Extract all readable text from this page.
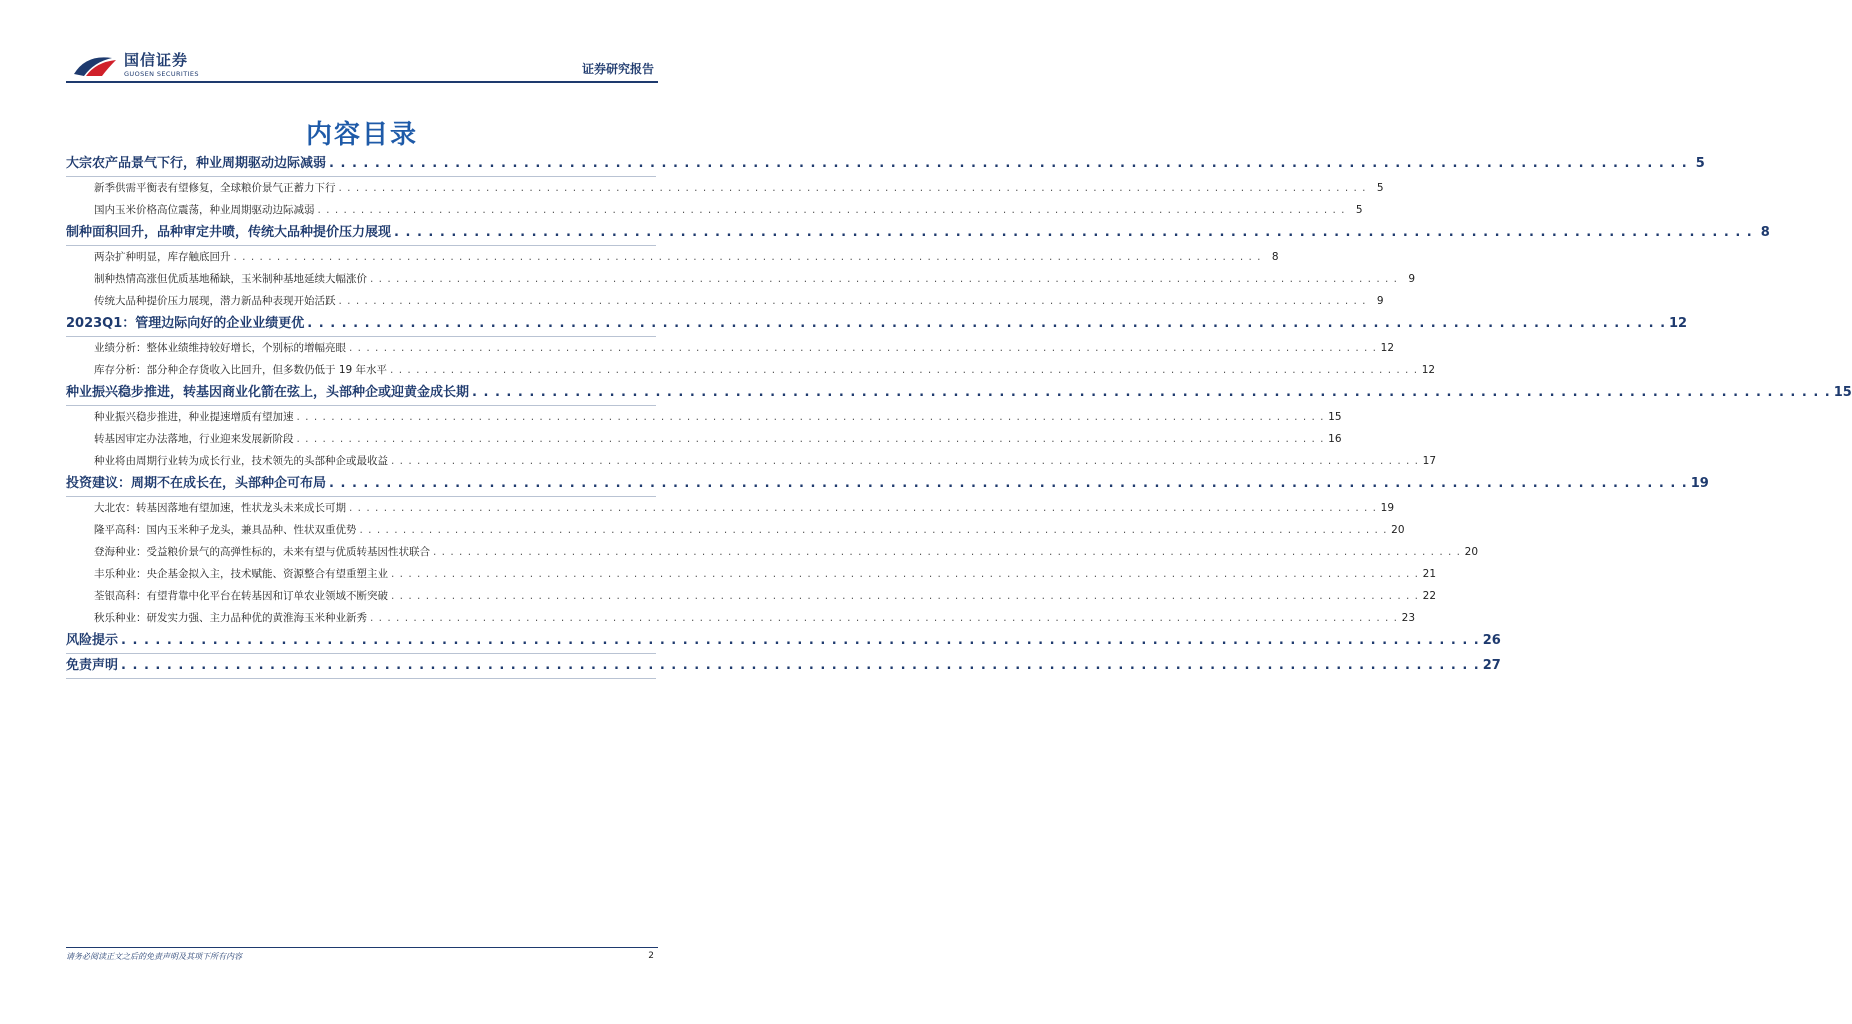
国信证券
GUOSEN SECURITIES	证券研究报告
内容目录
大宗农产品景气下行，种业周期驱动边际减弱 . . .	5
新季供需平衡表有望修复，全球粮价景气正蓄力下行 . . .	5
国内玉米价格高位震荡，种业周期驱动边际减弱 . . .	5
制种面积回升，品种审定井喷，传统大品种提价压力展现 . . .	8
两杂扩种明显，库存触底回升 . . .	8
制种热情高涨但优质基地稀缺，玉米制种基地延续大幅涨价 . . .	9
传统大品种提价压力展现，潜力新品种表现开始活跃 . . .	9
2023Q1：管理边际向好的企业业绩更优 . . .	12
业绩分析：整体业绩维持较好增长，个别标的增幅亮眼 . . .	12
库存分析：部分种企存货收入比回升，但多数仍低于 19 年水平 . . .	12
种业振兴稳步推进，转基因商业化箭在弦上，头部种企或迎黄金成长期 . . .	15
种业振兴稳步推进，种业提速增质有望加速 . . .	15
转基因审定办法落地，行业迎来发展新阶段 . . .	16
种业将由周期行业转为成长行业，技术领先的头部种企或最收益 . . .	17
投资建议：周期不在成长在，头部种企可布局 . . .	19
大北农：转基因落地有望加速，性状龙头未来成长可期 . . .	19
隆平高科：国内玉米种子龙头，兼具品种、性状双重优势 . . .	20
登海种业：受益粮价景气的高弹性标的，未来有望与优质转基因性状联合 . . .	20
丰乐种业：央企基金拟入主，技术赋能、资源整合有望重塑主业 . . .	21
荃银高科：有望背靠中化平台在转基因和订单农业领域不断突破 . . .	22
秋乐种业：研发实力强、主力品种优的黄淮海玉米种业新秀 . . .	23
风险提示 . . .	26
免责声明 . . .	27
请务必阅读正文之后的免责声明及其项下所有内容	2
